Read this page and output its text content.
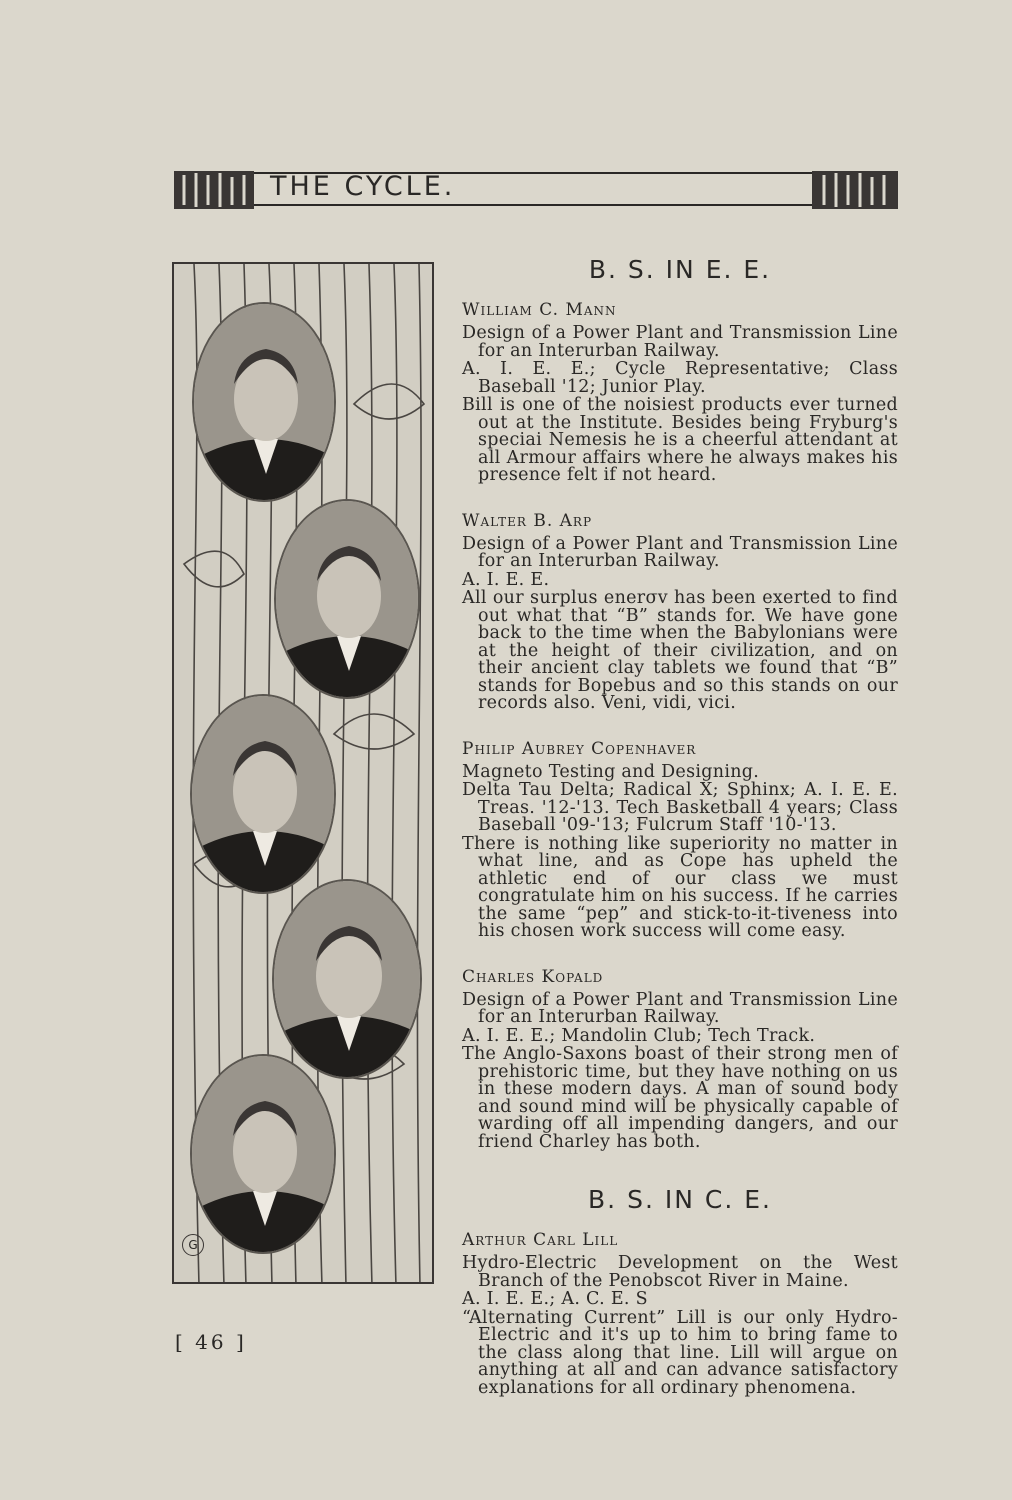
THE CYCLE.
G
B. S. IN E. E.
William C. Mann

Design of a Power Plant and Transmission Line for an Interurban Railway.

A. I. E. E.; Cycle Representative; Class Baseball '12; Junior Play.

Bill is one of the noisiest products ever turned out at the Institute. Besides being Fryburg's speciai Nemesis he is a cheerful attendant at all Armour affairs where he always makes his presence felt if not heard.

Walter B. Arp

Design of a Power Plant and Transmission Line for an Interurban Railway.

A. I. E. E.

All our surplus enerσv has been exerted to find out what that “B” stands for. We have gone back to the time when the Babylonians were at the height of their civilization, and on their ancient clay tablets we found that “B” stands for Bopebus and so this stands on our records also. Veni, vidi, vici.

Philip Aubrey Copenhaver

Magneto Testing and Designing.

Delta Tau Delta; Radical X; Sphinx; A. I. E. E. Treas. '12-'13. Tech Basketball 4 years; Class Baseball '09-'13; Fulcrum Staff '10-'13.

There is nothing like superiority no matter in what line, and as Cope has upheld the athletic end of our class we must congratulate him on his success. If he carries the same “pep” and stick-to-it-tiveness into his chosen work success will come easy.

Charles Kopald

Design of a Power Plant and Transmission Line for an Interurban Railway.

A. I. E. E.; Mandolin Club; Tech Track.

The Anglo-Saxons boast of their strong men of prehistoric time, but they have nothing on us in these modern days. A man of sound body and sound mind will be physically capable of warding off all impending dangers, and our friend Charley has both.

B. S. IN C. E.
Arthur Carl Lill

Hydro-Electric Development on the West Branch of the Penobscot River in Maine.

A. I. E. E.; A. C. E. S

“Alternating Current” Lill is our only Hydro-Electric and it's up to him to bring fame to the class along that line. Lill will argue on anything at all and can advance satisfactory explanations for all ordinary phenomena.

[ 46 ]
